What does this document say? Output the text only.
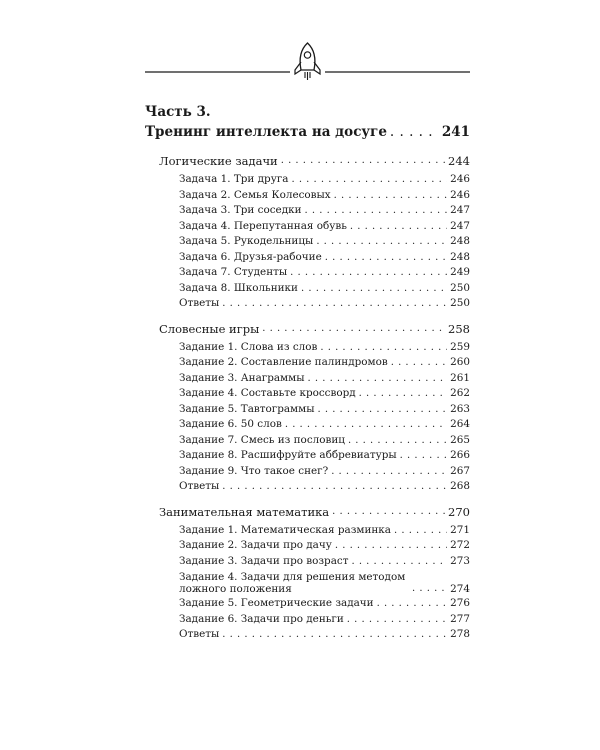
Часть 3.
Тренинг интеллекта на досуге . . .	241
Логические задачи . . .	244
Задача 1. Три друга . . .	246
Задача 2. Семья Колесовых . . .	246
Задача 3. Три соседки . . .	247
Задача 4. Перепутанная обувь . . .	247
Задача 5. Рукодельницы . . .	248
Задача 6. Друзья-рабочие . . .	248
Задача 7. Студенты . . .	249
Задача 8. Школьники . . .	250
Ответы . . .	250
Словесные игры . . .	258
Задание 1. Слова из слов . . .	259
Задание 2. Составление палиндромов . . .	260
Задание 3. Анаграммы . . .	261
Задание 4. Составьте кроссворд . . .	262
Задание 5. Тавтограммы . . .	263
Задание 6. 50 слов . . .	264
Задание 7. Смесь из пословиц . . .	265
Задание 8. Расшифруйте аббревиатуры . . .	266
Задание 9. Что такое снег? . . .	267
Ответы . . .	268
Занимательная математика . . .	270
Задание 1. Математическая разминка . . .	271
Задание 2. Задачи про дачу . . .	272
Задание 3. Задачи про возраст . . .	273
Задание 4. Задачи для решения методом
ложного положения . . .	274
Задание 5. Геометрические задачи . . .	276
Задание 6. Задачи про деньги . . .	277
Ответы . . .	278
